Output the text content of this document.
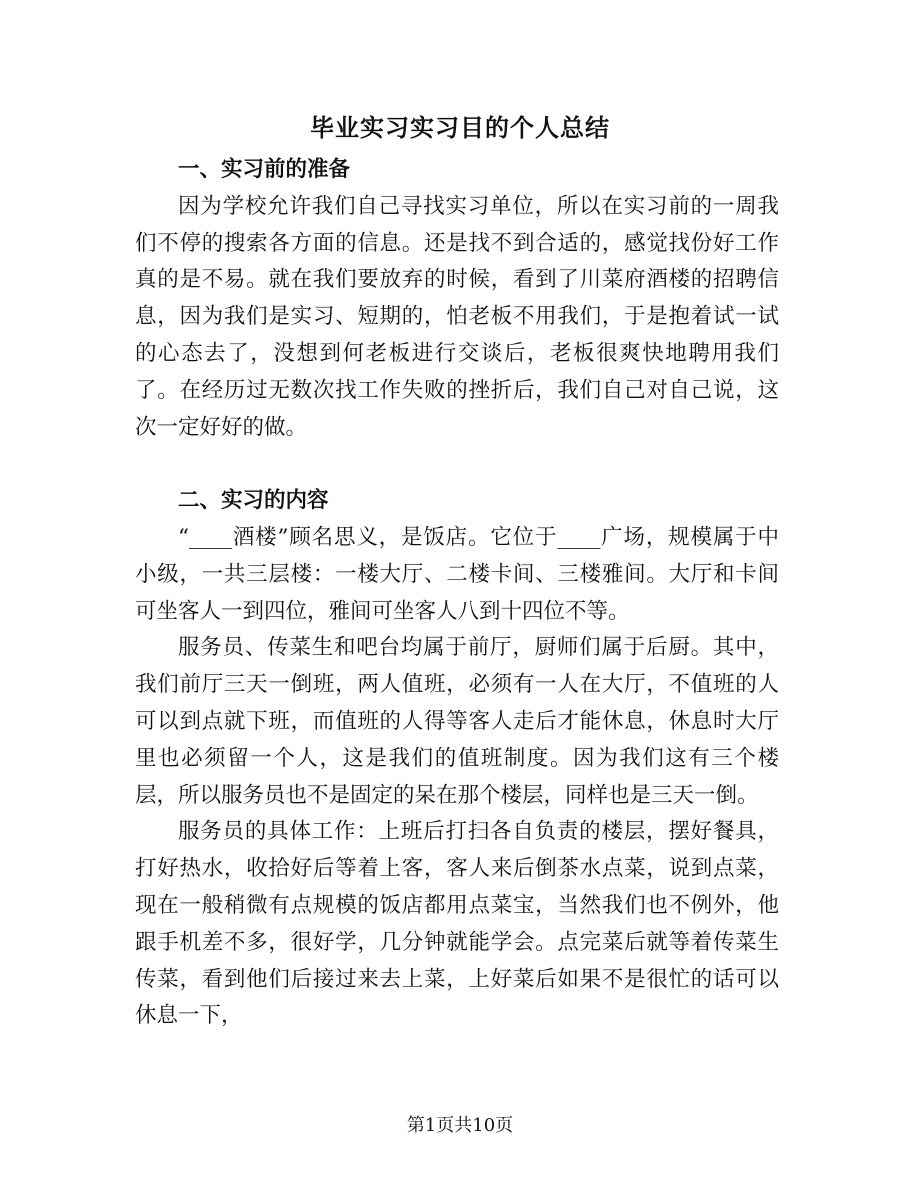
毕业实习实习目的个人总结

一、实习前的准备

因为学校允许我们自己寻找实习单位，所以在实习前的一周我们不停的搜索各方面的信息。还是找不到合适的，感觉找份好工作真的是不易。就在我们要放弃的时候，看到了川菜府酒楼的招聘信息，因为我们是实习、短期的，怕老板不用我们，于是抱着试一试的心态去了，没想到何老板进行交谈后，老板很爽快地聘用我们了。在经历过无数次找工作失败的挫折后，我们自己对自己说，这次一定好好的做。

二、实习的内容

“____酒楼”顾名思义，是饭店。它位于____广场，规模属于中小级，一共三层楼：一楼大厅、二楼卡间、三楼雅间。大厅和卡间可坐客人一到四位，雅间可坐客人八到十四位不等。

服务员、传菜生和吧台均属于前厅，厨师们属于后厨。其中，我们前厅三天一倒班，两人值班，必须有一人在大厅，不值班的人可以到点就下班，而值班的人得等客人走后才能休息，休息时大厅里也必须留一个人，这是我们的值班制度。因为我们这有三个楼层，所以服务员也不是固定的呆在那个楼层，同样也是三天一倒。

服务员的具体工作：上班后打扫各自负责的楼层，摆好餐具，打好热水，收拾好后等着上客，客人来后倒茶水点菜，说到点菜，现在一般稍微有点规模的饭店都用点菜宝，当然我们也不例外，他跟手机差不多，很好学，几分钟就能学会。点完菜后就等着传菜生传菜，看到他们后接过来去上菜，上好菜后如果不是很忙的话可以休息一下，

第1页共10页
